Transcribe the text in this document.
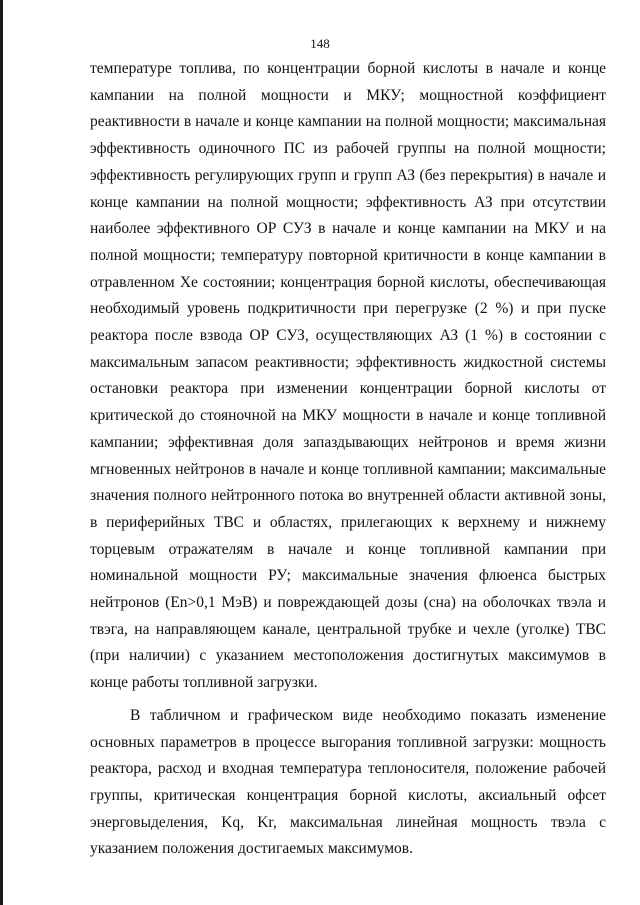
148

температуре топлива, по концентрации борной кислоты в начале и конце кампании на полной мощности и МКУ; мощностной коэффициент реактивности в начале и конце кампании на полной мощности; максимальная эффективность одиночного ПС из рабочей группы на полной мощности; эффективность регулирующих групп и групп АЗ (без перекрытия) в начале и конце кампании на полной мощности; эффективность АЗ при отсутствии наиболее эффективного ОР СУЗ в начале и конце кампании на МКУ и на полной мощности; температуру повторной критичности в конце кампании в отравленном Хе состоянии; концентрация борной кислоты, обеспечивающая необходимый уровень подкритичности при перегрузке (2 %) и при пуске реактора после взвода ОР СУЗ, осуществляющих АЗ (1 %) в состоянии с максимальным запасом реактивности; эффективность жидкостной системы остановки реактора при изменении концентрации борной кислоты от критической до стояночной на МКУ мощности в начале и конце топливной кампании; эффективная доля запаздывающих нейтронов и время жизни мгновенных нейтронов в начале и конце топливной кампании; максимальные значения полного нейтронного потока во внутренней области активной зоны, в периферийных ТВС и областях, прилегающих к верхнему и нижнему торцевым отражателям в начале и конце топливной кампании при номинальной мощности РУ; максимальные значения флюенса быстрых нейтронов (En>0,1 МэВ) и повреждающей дозы (сна) на оболочках твэла и твэга, на направляющем канале, центральной трубке и чехле (уголке) ТВС (при наличии) с указанием местоположения достигнутых максимумов в конце работы топливной загрузки.

В табличном и графическом виде необходимо показать изменение основных параметров в процессе выгорания топливной загрузки: мощность реактора, расход и входная температура теплоносителя, положение рабочей группы, критическая концентрация борной кислоты, аксиальный офсет энерговыделения, Kq, Kr, максимальная линейная мощность твэла с указанием положения достигаемых максимумов.
